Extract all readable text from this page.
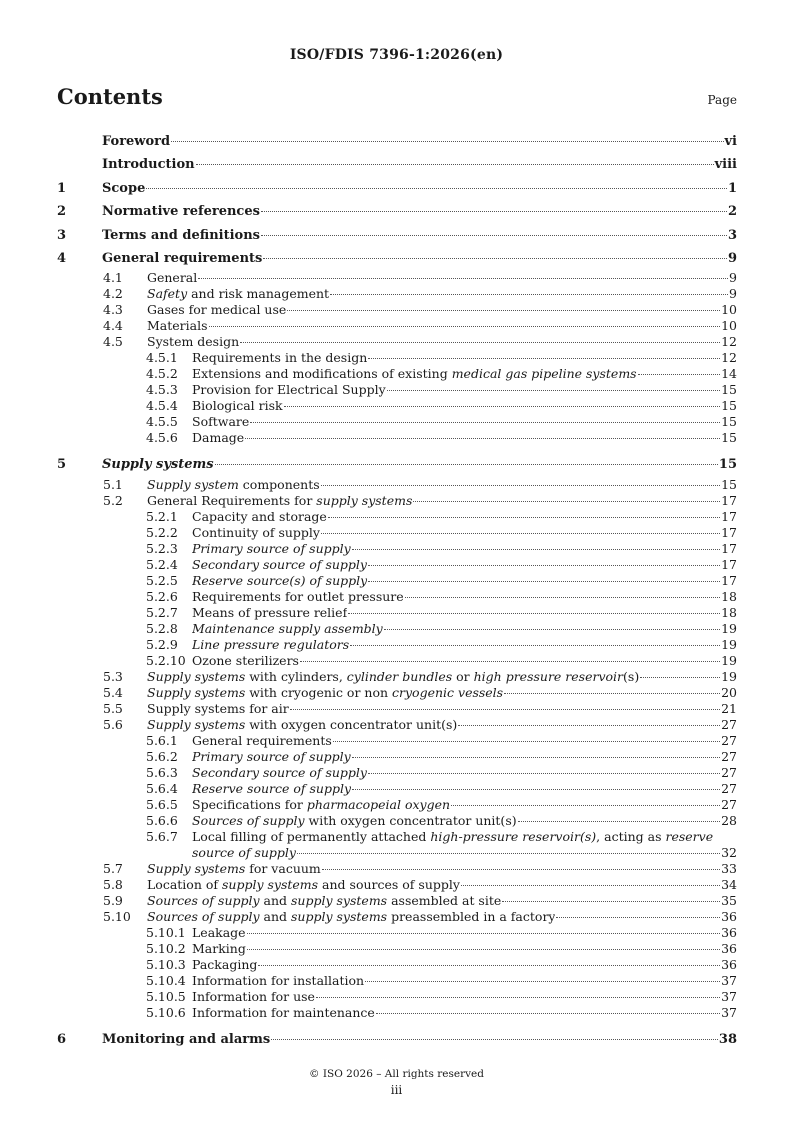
ISO/FDIS 7396-1:2026(en)
Contents	Page
Foreword	vi
Introduction	viii
1	Scope	1
2	Normative references	2
3	Terms and definitions	3
4	General requirements	9
4.1	General	9
4.2	Safety and risk management	9
4.3	Gases for medical use	10
4.4	Materials	10
4.5	System design	12
4.5.1	Requirements in the design	12
4.5.2	Extensions and modifications of existing medical gas pipeline systems	14
4.5.3	Provision for Electrical Supply	15
4.5.4	Biological risk	15
4.5.5	Software	15
4.5.6	Damage	15
5	Supply systems	15
5.1	Supply system components	15
5.2	General Requirements for supply systems	17
5.2.1	Capacity and storage	17
5.2.2	Continuity of supply	17
5.2.3	Primary source of supply	17
5.2.4	Secondary source of supply	17
5.2.5	Reserve source(s) of supply	17
5.2.6	Requirements for outlet pressure	18
5.2.7	Means of pressure relief	18
5.2.8	Maintenance supply assembly	19
5.2.9	Line pressure regulators	19
5.2.10 Ozone sterilizers	19
5.3	Supply systems with cylinders, cylinder bundles or high pressure reservoir(s)	19
5.4	Supply systems with cryogenic or non cryogenic vessels	20
5.5	Supply systems for air	21
5.6	Supply systems with oxygen concentrator unit(s)	27
5.6.1	General requirements	27
5.6.2	Primary source of supply	27
5.6.3	Secondary source of supply	27
5.6.4	Reserve source of supply	27
5.6.5	Specifications for pharmacopeial oxygen	27
5.6.6	Sources of supply with oxygen concentrator unit(s)	28
5.6.7	Local filling of permanently attached high-pressure reservoir(s), acting as reserve
source of supply	32
5.7	Supply systems for vacuum	33
5.8	Location of supply systems and sources of supply	34
5.9	Sources of supply and supply systems assembled at site	35
5.10	Sources of supply and supply systems preassembled in a factory	36
5.10.1 Leakage	36
5.10.2 Marking	36
5.10.3 Packaging	36
5.10.4 Information for installation	37
5.10.5 Information for use	37
5.10.6 Information for maintenance	37
6	Monitoring and alarms	38
© ISO 2026 – All rights reserved
iii
